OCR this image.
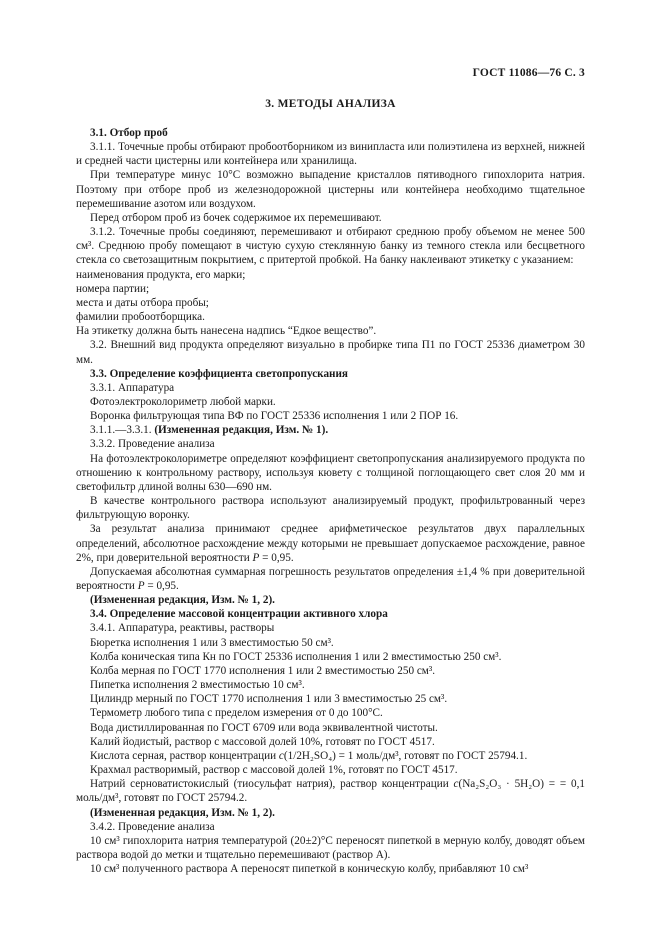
ГОСТ 11086—76 С. 3
3. МЕТОДЫ АНАЛИЗА

3.1. Отбор проб

3.1.1. Точечные пробы отбирают пробоотборником из винипласта или полиэтилена из верхней, нижней и средней части цистерны или контейнера или хранилища.

При температуре минус 10°С возможно выпадение кристаллов пятиводного гипохлорита натрия. Поэтому при отборе проб из железнодорожной цистерны или контейнера необходимо тщательное перемешивание азотом или воздухом.

Перед отбором проб из бочек содержимое их перемешивают.

3.1.2. Точечные пробы соединяют, перемешивают и отбирают среднюю пробу объемом не менее 500 см³. Среднюю пробу помещают в чистую сухую стеклянную банку из темного стекла или бесцветного стекла со светозащитным покрытием, с притертой пробкой. На банку наклеивают этикетку с указанием:

наименования продукта, его марки;

номера партии;

места и даты отбора пробы;

фамилии пробоотборщика.

На этикетку должна быть нанесена надпись “Едкое вещество”.

3.2. Внешний вид продукта определяют визуально в пробирке типа П1 по ГОСТ 25336 диаметром 30 мм.

3.3. Определение коэффициента светопропускания

3.3.1. Аппаратура

Фотоэлектроколориметр любой марки.

Воронка фильтрующая типа ВФ по ГОСТ 25336 исполнения 1 или 2 ПОР 16.

3.1.1.—3.3.1. (Измененная редакция, Изм. № 1).

3.3.2. Проведение анализа

На фотоэлектроколориметре определяют коэффициент светопропускания анализируемого продукта по отношению к контрольному раствору, используя кювету с толщиной поглощающего свет слоя 20 мм и светофильтр длиной волны 630—690 нм.

В качестве контрольного раствора используют анализируемый продукт, профильтрованный через фильтрующую воронку.

За результат анализа принимают среднее арифметическое результатов двух параллельных определений, абсолютное расхождение между которыми не превышает допускаемое расхождение, равное 2%, при доверительной вероятности P = 0,95.

Допускаемая абсолютная суммарная погрешность результатов определения ±1,4 % при доверительной вероятности P = 0,95.

(Измененная редакция, Изм. № 1, 2).

3.4. Определение массовой концентрации активного хлора

3.4.1. Аппаратура, реактивы, растворы

Бюретка исполнения 1 или 3 вместимостью 50 см³.

Колба коническая типа Кн по ГОСТ 25336 исполнения 1 или 2 вместимостью 250 см³.

Колба мерная по ГОСТ 1770 исполнения 1 или 2 вместимостью 250 см³.

Пипетка исполнения 2 вместимостью 10 см³.

Цилиндр мерный по ГОСТ 1770 исполнения 1 или 3 вместимостью 25 см³.

Термометр любого типа с пределом измерения от 0 до 100°С.

Вода дистиллированная по ГОСТ 6709 или вода эквивалентной чистоты.

Калий йодистый, раствор с массовой долей 10%, готовят по ГОСТ 4517.

Кислота серная, раствор концентрации c(1/2H₂SO₄) = 1 моль/дм³, готовят по ГОСТ 25794.1.

Крахмал растворимый, раствор с массовой долей 1%, готовят по ГОСТ 4517.

Натрий серноватистокислый (тиосульфат натрия), раствор концентрации c(Na₂S₂O₃ · 5H₂O) = = 0,1 моль/дм³, готовят по ГОСТ 25794.2.

(Измененная редакция, Изм. № 1, 2).

3.4.2. Проведение анализа

10 см³ гипохлорита натрия температурой (20±2)°С переносят пипеткой в мерную колбу, доводят объем раствора водой до метки и тщательно перемешивают (раствор А).

10 см³ полученного раствора А переносят пипеткой в коническую колбу, прибавляют 10 см³
